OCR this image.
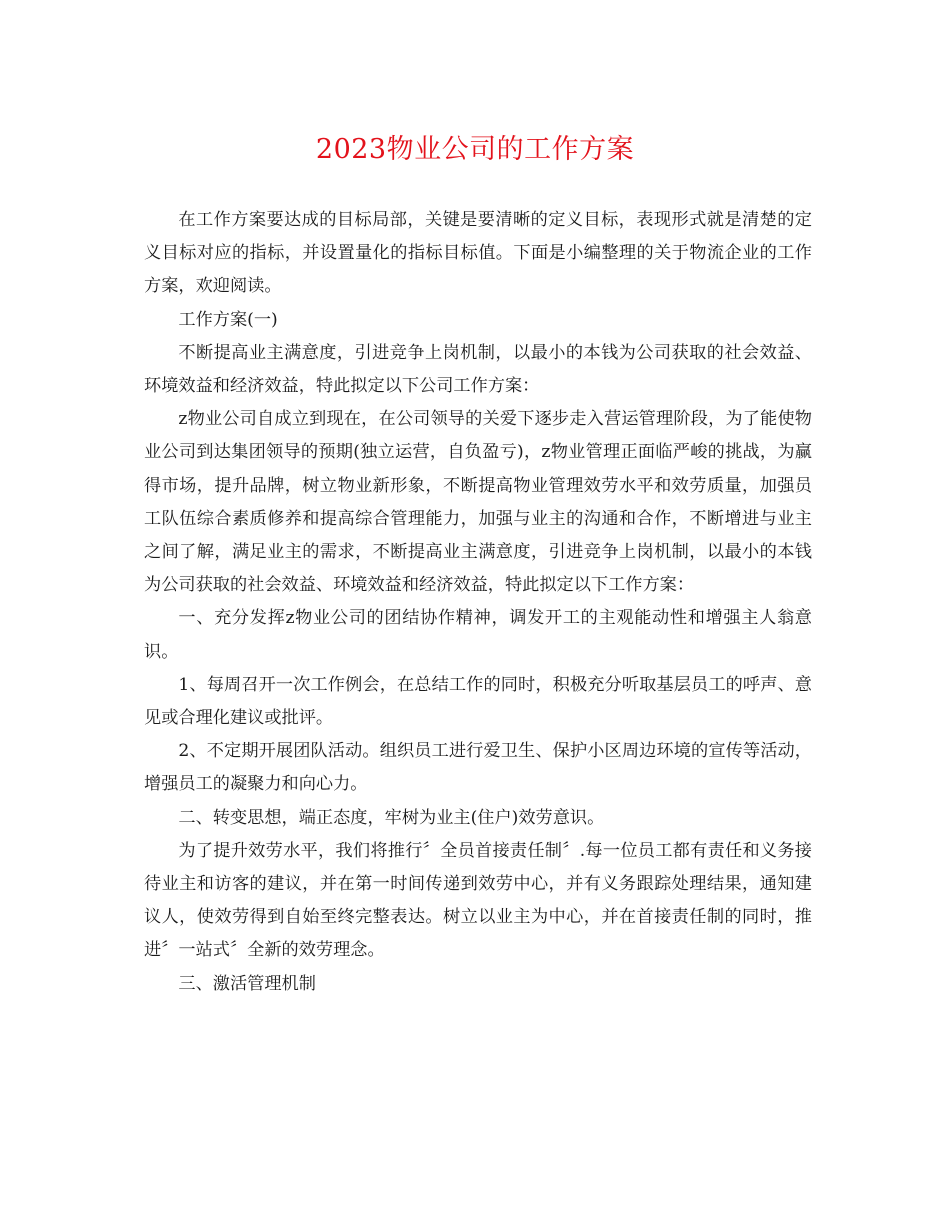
2023物业公司的工作方案

在工作方案要达成的目标局部，关键是要清晰的定义目标，表现形式就是清楚的定义目标对应的指标，并设置量化的指标目标值。下面是小编整理的关于物流企业的工作方案，欢迎阅读。

工作方案(一)

不断提高业主满意度，引进竞争上岗机制，以最小的本钱为公司获取的社会效益、环境效益和经济效益，特此拟定以下公司工作方案：

z物业公司自成立到现在，在公司领导的关爱下逐步走入营运管理阶段，为了能使物业公司到达集团领导的预期(独立运营，自负盈亏)，z物业管理正面临严峻的挑战，为赢得市场，提升品牌，树立物业新形象，不断提高物业管理效劳水平和效劳质量，加强员工队伍综合素质修养和提高综合管理能力，加强与业主的沟通和合作，不断增进与业主之间了解，满足业主的需求，不断提高业主满意度，引进竞争上岗机制，以最小的本钱为公司获取的社会效益、环境效益和经济效益，特此拟定以下工作方案：

一、充分发挥z物业公司的团结协作精神，调发开工的主观能动性和增强主人翁意识。

1、每周召开一次工作例会，在总结工作的同时，积极充分听取基层员工的呼声、意见或合理化建议或批评。

2、不定期开展团队活动。组织员工进行爱卫生、保护小区周边环境的宣传等活动，增强员工的凝聚力和向心力。

二、转变思想，端正态度，牢树为业主(住户)效劳意识。

为了提升效劳水平，我们将推行〞全员首接责任制〞.每一位员工都有责任和义务接待业主和访客的建议，并在第一时间传递到效劳中心，并有义务跟踪处理结果，通知建议人，使效劳得到自始至终完整表达。树立以业主为中心，并在首接责任制的同时，推进〞一站式〞全新的效劳理念。

三、激活管理机制
